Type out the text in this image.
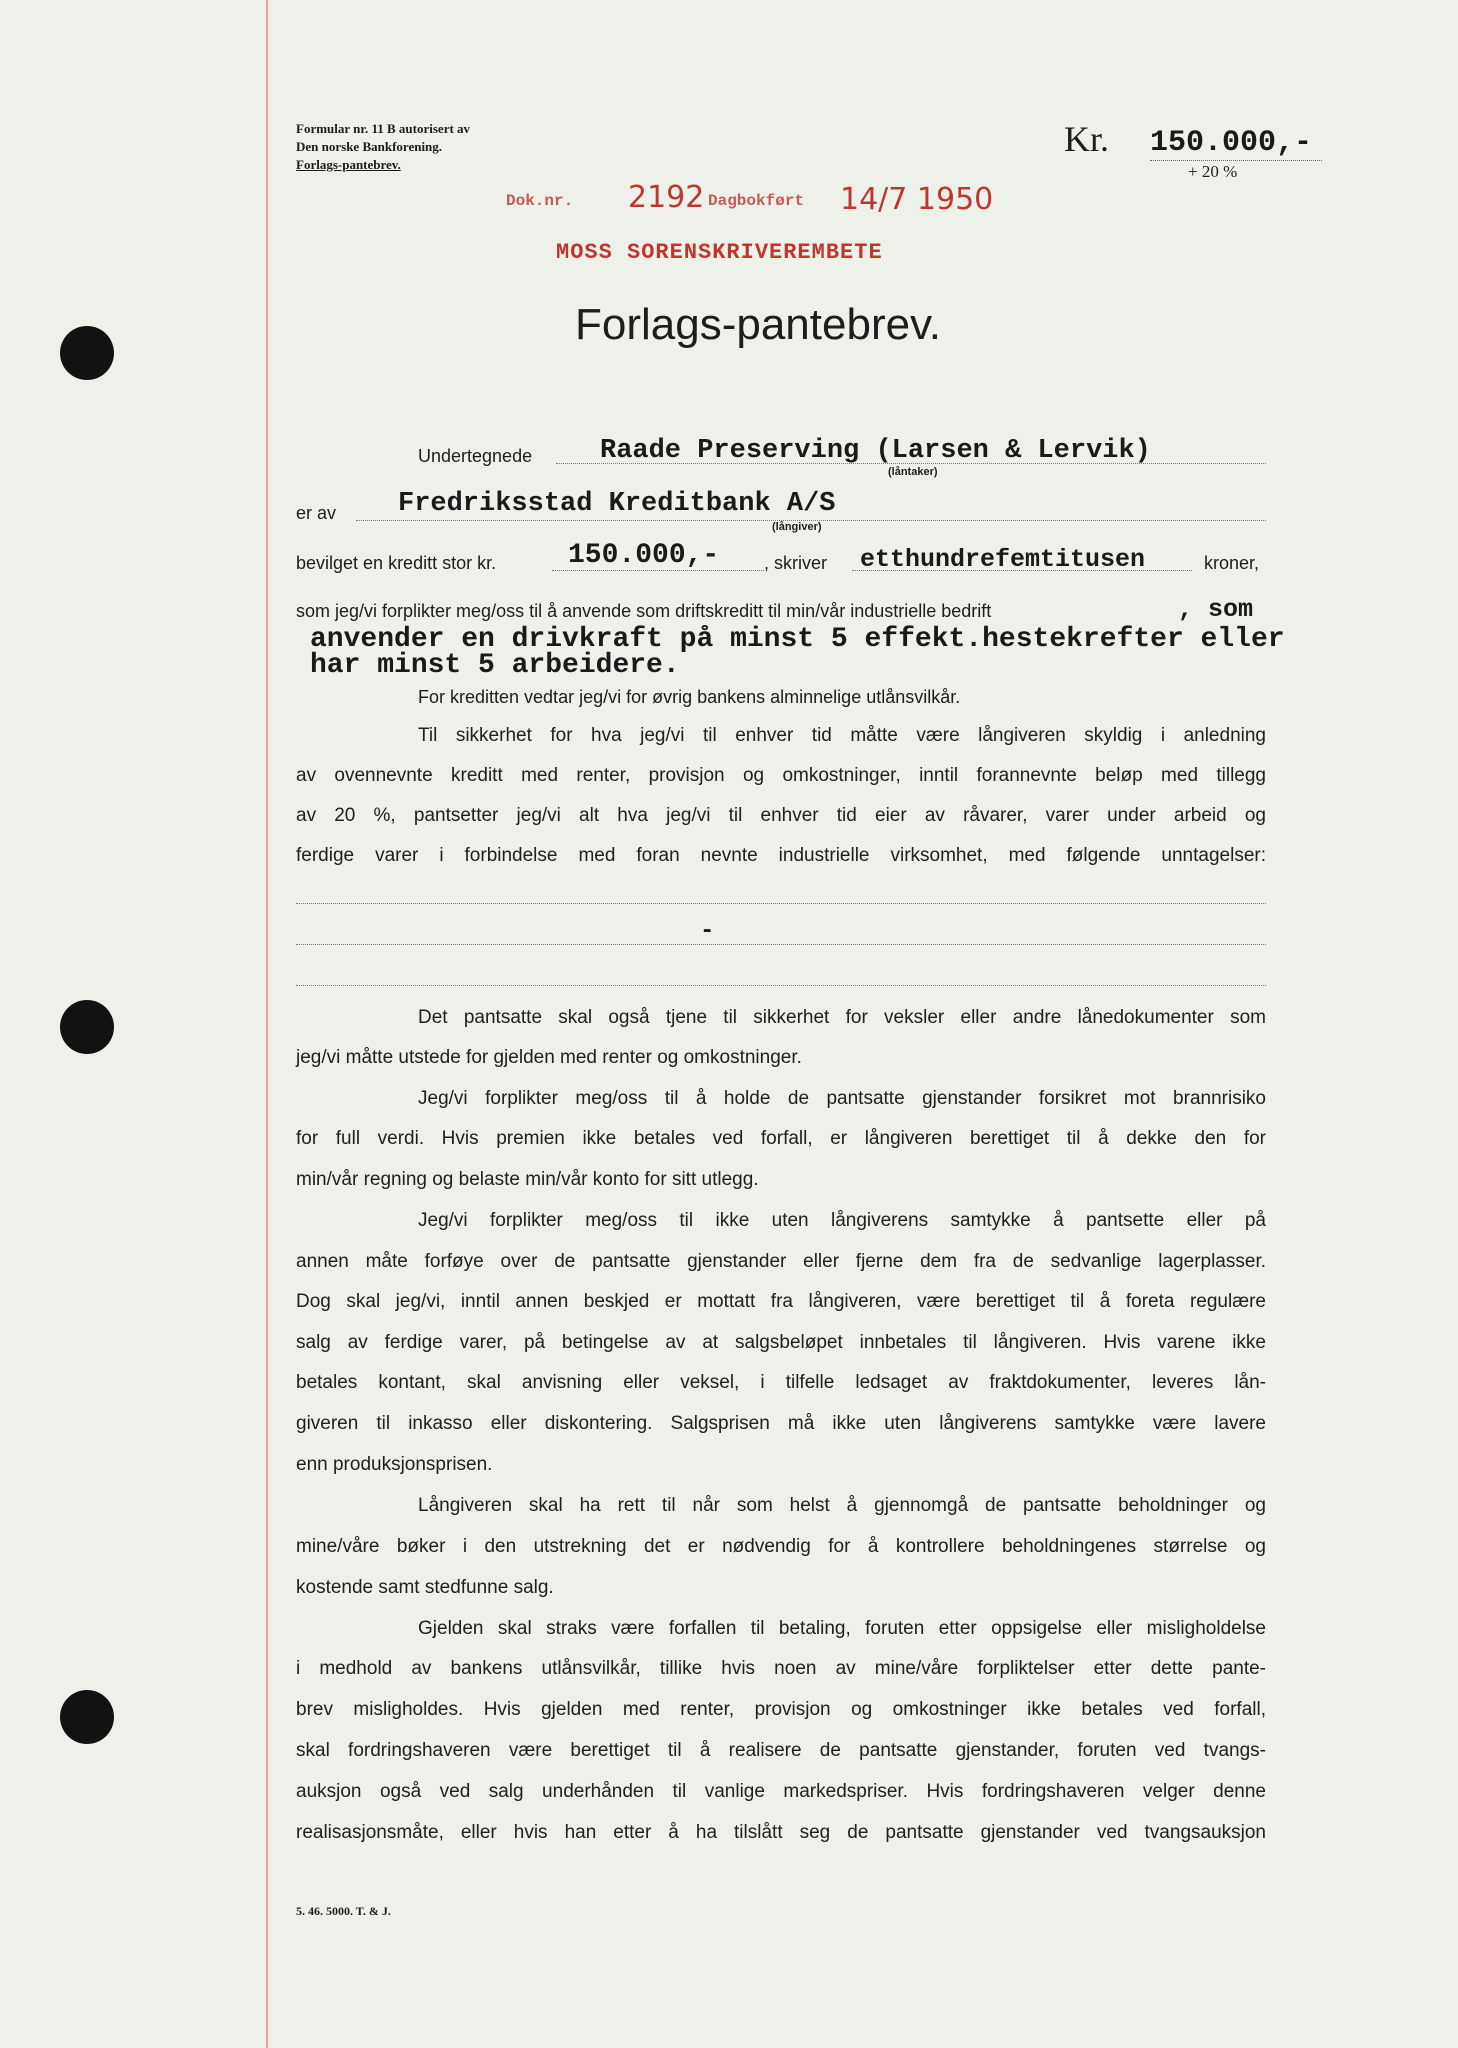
Formular nr. 11 B autorisert av
Den norske Bankforening.
Forlags-pantebrev.
Kr. 150.000,-
+ 20 %
Dok.nr. 2192 Dagbokført 14/7 1950
MOSS SORENSKRIVEREMBETE
Forlags-pantebrev.
Undertegnede	Raade Preserving (Larsen & Lervik)
(låntaker)
er av Fredriksstad Kreditbank A/S
(långiver)
bevilget en kreditt stor kr.	150.000,- , skriver etthundrefemtitusen	kroner,
som jeg/vi forplikter meg/oss til å anvende som driftskreditt til min/vår industrielle bedrift	, som
anvender en drivkraft på minst 5 effekt.hestekrefter eller
har minst 5 arbeidere.
For kreditten vedtar jeg/vi for øvrig bankens alminnelige utlånsvilkår.
Til sikkerhet for hva jeg/vi til enhver tid måtte være långiveren skyldig i anledning
av ovennevnte kreditt med renter, provisjon og omkostninger, inntil forannevnte beløp med tillegg
av 20 %, pantsetter jeg/vi alt hva jeg/vi til enhver tid eier av råvarer, varer under arbeid og
ferdige varer i forbindelse med foran nevnte industrielle virksomhet, med følgende unntagelser:
-
Det pantsatte skal også tjene til sikkerhet for veksler eller andre lånedokumenter som
jeg/vi måtte utstede for gjelden med renter og omkostninger.
Jeg/vi forplikter meg/oss til å holde de pantsatte gjenstander forsikret mot brannrisiko
for full verdi. Hvis premien ikke betales ved forfall, er långiveren berettiget til å dekke den for
min/vår regning og belaste min/vår konto for sitt utlegg.
Jeg/vi forplikter meg/oss til ikke uten långiverens samtykke å pantsette eller på
annen måte forføye over de pantsatte gjenstander eller fjerne dem fra de sedvanlige lagerplasser.
Dog skal jeg/vi, inntil annen beskjed er mottatt fra långiveren, være berettiget til å foreta regulære
salg av ferdige varer, på betingelse av at salgsbeløpet innbetales til långiveren. Hvis varene ikke
betales kontant, skal anvisning eller veksel, i tilfelle ledsaget av fraktdokumenter, leveres lån-
giveren til inkasso eller diskontering. Salgsprisen må ikke uten långiverens samtykke være lavere
enn produksjonsprisen.
Långiveren skal ha rett til når som helst å gjennomgå de pantsatte beholdninger og
mine/våre bøker i den utstrekning det er nødvendig for å kontrollere beholdningenes størrelse og
kostende samt stedfunne salg.
Gjelden skal straks være forfallen til betaling, foruten etter oppsigelse eller misligholdelse
i medhold av bankens utlånsvilkår, tillike hvis noen av mine/våre forpliktelser etter dette pante-
brev misligholdes. Hvis gjelden med renter, provisjon og omkostninger ikke betales ved forfall,
skal fordringshaveren være berettiget til å realisere de pantsatte gjenstander, foruten ved tvangs-
auksjon også ved salg underhånden til vanlige markedspriser. Hvis fordringshaveren velger denne
realisasjonsmåte, eller hvis han etter å ha tilslått seg de pantsatte gjenstander ved tvangsauksjon
5. 46. 5000. T. & J.
